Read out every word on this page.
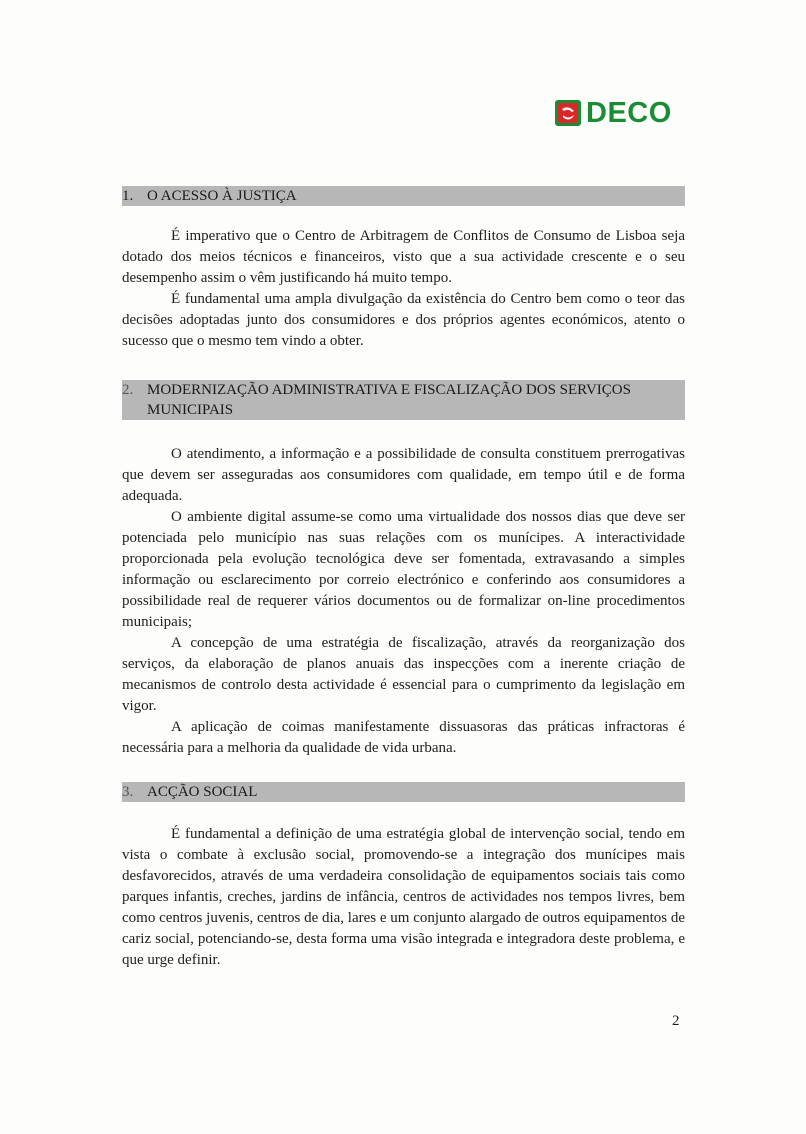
DECO
1. O ACESSO À JUSTIÇA

É imperativo que o Centro de Arbitragem de Conflitos de Consumo de Lisboa seja dotado dos meios técnicos e financeiros, visto que a sua actividade crescente e o seu desempenho assim o vêm justificando há muito tempo.

É fundamental uma ampla divulgação da existência do Centro bem como o teor das decisões adoptadas junto dos consumidores e dos próprios agentes económicos, atento o sucesso que o mesmo tem vindo a obter.

2. MODERNIZAÇÃO ADMINISTRATIVA E FISCALIZAÇÃO DOS SERVIÇOS MUNICIPAIS

O atendimento, a informação e a possibilidade de consulta constituem prerrogativas que devem ser asseguradas aos consumidores com qualidade, em tempo útil e de forma adequada.

O ambiente digital assume-se como uma virtualidade dos nossos dias que deve ser potenciada pelo município nas suas relações com os munícipes. A interactividade proporcionada pela evolução tecnológica deve ser fomentada, extravasando a simples informação ou esclarecimento por correio electrónico e conferindo aos consumidores a possibilidade real de requerer vários documentos ou de formalizar on-line procedimentos municipais;

A concepção de uma estratégia de fiscalização, através da reorganização dos serviços, da elaboração de planos anuais das inspecções com a inerente criação de mecanismos de controlo desta actividade é essencial para o cumprimento da legislação em vigor.

A aplicação de coimas manifestamente dissuasoras das práticas infractoras é necessária para a melhoria da qualidade de vida urbana.

3. ACÇÃO SOCIAL

É fundamental a definição de uma estratégia global de intervenção social, tendo em vista o combate à exclusão social, promovendo-se a integração dos munícipes mais desfavorecidos, através de uma verdadeira consolidação de equipamentos sociais tais como parques infantis, creches, jardins de infância, centros de actividades nos tempos livres, bem como centros juvenis, centros de dia, lares e um conjunto alargado de outros equipamentos de cariz social, potenciando-se, desta forma uma visão integrada e integradora deste problema, e que urge definir.

2
